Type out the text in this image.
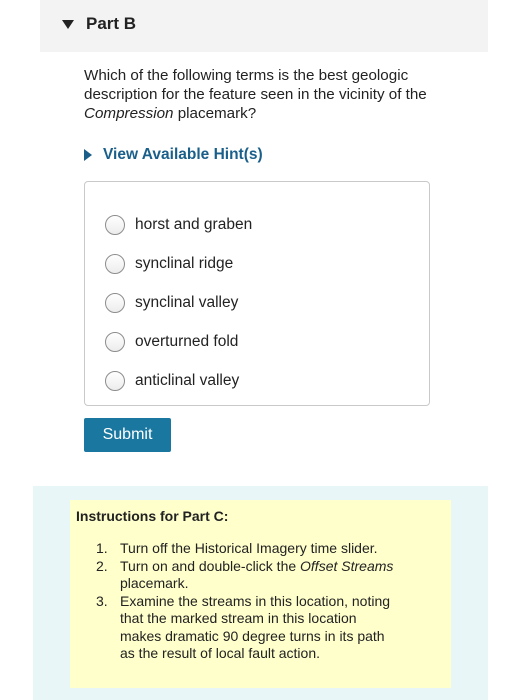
Part B

Which of the following terms is the best geologic description for the feature seen in the vicinity of the Compression placemark?

View Available Hint(s)
horst and graben
synclinal ridge
synclinal valley
overturned fold
anticlinal valley
Submit
Instructions for Part C:
1. Turn off the Historical Imagery time slider.
2. Turn on and double-click the Offset Streams placemark.
3. Examine the streams in this location, noting that the marked stream in this location makes dramatic 90 degree turns in its path as the result of local fault action.
